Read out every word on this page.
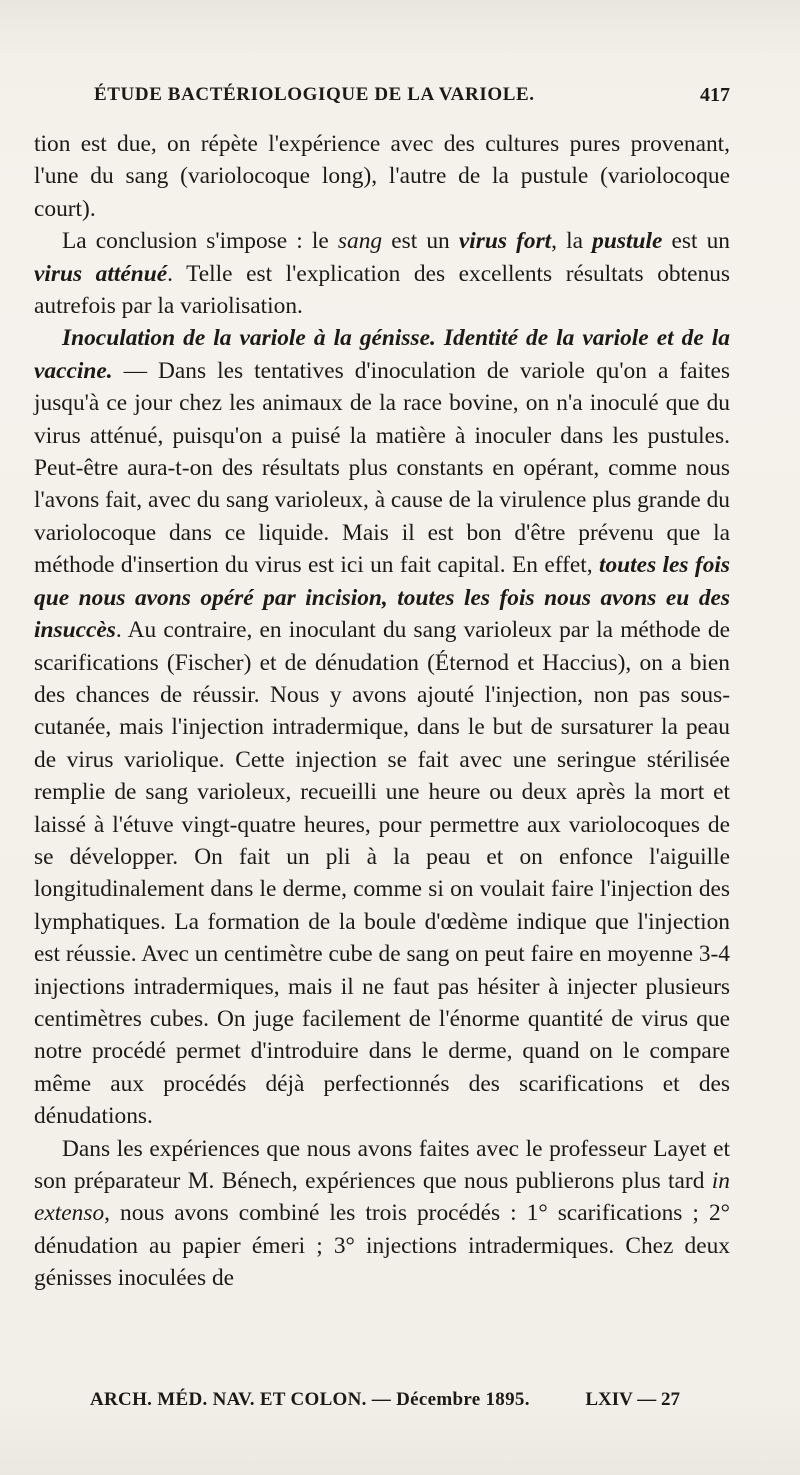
ÉTUDE BACTÉRIOLOGIQUE DE LA VARIOLE.	417

tion est due, on répète l'expérience avec des cultures pures provenant, l'une du sang (variolocoque long), l'autre de la pustule (variolocoque court).

La conclusion s'impose : le sang est un virus fort, la pustule est un virus atténué. Telle est l'explication des excellents résultats obtenus autrefois par la variolisation.

Inoculation de la variole à la génisse. Identité de la variole et de la vaccine. — Dans les tentatives d'inoculation de variole qu'on a faites jusqu'à ce jour chez les animaux de la race bovine, on n'a inoculé que du virus atténué, puisqu'on a puisé la matière à inoculer dans les pustules. Peut-être aura-t-on des résultats plus constants en opérant, comme nous l'avons fait, avec du sang varioleux, à cause de la virulence plus grande du variolocoque dans ce liquide. Mais il est bon d'être prévenu que la méthode d'insertion du virus est ici un fait capital. En effet, toutes les fois que nous avons opéré par incision, toutes les fois nous avons eu des insuccès. Au contraire, en inoculant du sang varioleux par la méthode de scarifications (Fischer) et de dénudation (Éternod et Haccius), on a bien des chances de réussir. Nous y avons ajouté l'injection, non pas sous-cutanée, mais l'injection intradermique, dans le but de sursaturer la peau de virus variolique. Cette injection se fait avec une seringue stérilisée remplie de sang varioleux, recueilli une heure ou deux après la mort et laissé à l'étuve vingt-quatre heures, pour permettre aux variolocoques de se développer. On fait un pli à la peau et on enfonce l'aiguille longitudinalement dans le derme, comme si on voulait faire l'injection des lymphatiques. La formation de la boule d'œdème indique que l'injection est réussie. Avec un centimètre cube de sang on peut faire en moyenne 3-4 injections intradermiques, mais il ne faut pas hésiter à injecter plusieurs centimètres cubes. On juge facilement de l'énorme quantité de virus que notre procédé permet d'introduire dans le derme, quand on le compare même aux procédés déjà perfectionnés des scarifications et des dénudations.

Dans les expériences que nous avons faites avec le professeur Layet et son préparateur M. Bénech, expériences que nous publierons plus tard in extenso, nous avons combiné les trois procédés : 1° scarifications ; 2° dénudation au papier émeri ; 3° injections intradermiques. Chez deux génisses inoculées de

ARCH. MÉD. NAV. ET COLON. — Décembre 1895.	LXIV — 27
